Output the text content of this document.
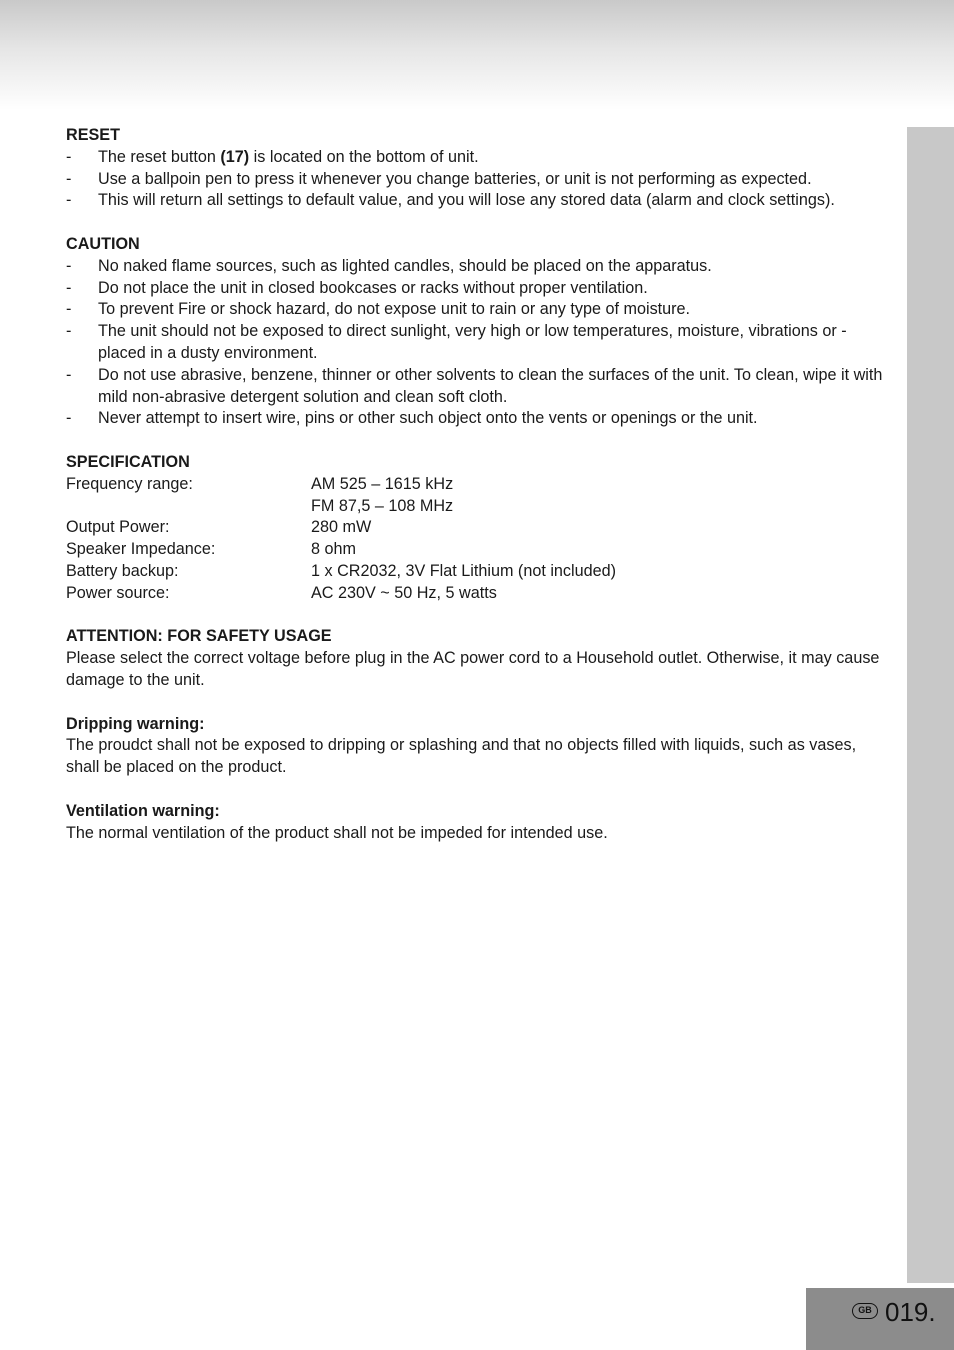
RESET

- The reset button (17) is located on the bottom of unit.
- Use a ballpoin pen to press it whenever you change batteries, or unit is not performing as expected.
- This will return all settings to default value, and you will lose any stored data (alarm and clock settings).

CAUTION

- No naked flame sources, such as lighted candles, should be placed on the apparatus.
- Do not place the unit in closed bookcases or racks without proper ventilation.
- To prevent Fire or shock hazard, do not expose unit to rain or any type of moisture.
- The unit should not be exposed to direct sunlight, very high or low temperatures, moisture, vibrations or - placed in a dusty environment.
- Do not use abrasive, benzene, thinner or other solvents to clean the surfaces of the unit. To clean, wipe it with mild non-abrasive detergent solution and clean soft cloth.
- Never attempt to insert wire, pins or other such object onto the vents or openings or the unit.

SPECIFICATION

Frequency range:	AM 525 – 1615 kHz
FM 87,5 – 108 MHz
Output Power:	280 mW
Speaker Impedance:	8 ohm
Battery backup:	1 x CR2032, 3V Flat Lithium (not included)
Power source:	AC 230V ~ 50 Hz, 5 watts

ATTENTION: FOR SAFETY USAGE

Please select the correct voltage before plug in the AC power cord to a Household outlet. Otherwise, it may cause damage to the unit.

Dripping warning:

The proudct shall not be exposed to dripping or splashing and that no objects filled with liquids, such as vases, shall be placed on the product.

Ventilation warning:

The normal ventilation of the product shall not be impeded for intended use.

GB 019.
